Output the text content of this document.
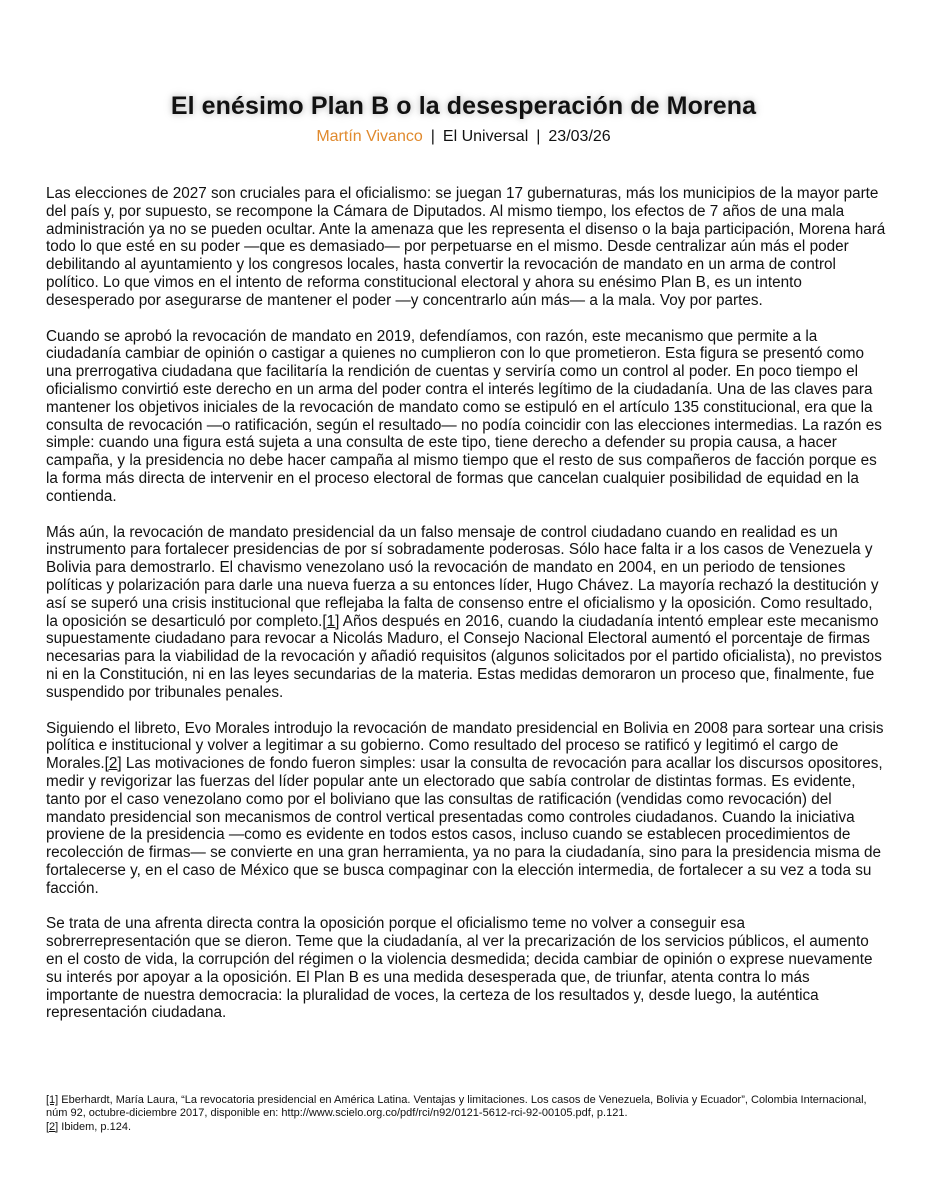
El enésimo Plan B o la desesperación de Morena
Martín Vivanco | El Universal | 23/03/26

Las elecciones de 2027 son cruciales para el oficialismo: se juegan 17 gubernaturas, más los municipios de la mayor parte del país y, por supuesto, se recompone la Cámara de Diputados. Al mismo tiempo, los efectos de 7 años de una mala administración ya no se pueden ocultar. Ante la amenaza que les representa el disenso o la baja participación, Morena hará todo lo que esté en su poder —que es demasiado— por perpetuarse en el mismo. Desde centralizar aún más el poder debilitando al ayuntamiento y los congresos locales, hasta convertir la revocación de mandato en un arma de control político. Lo que vimos en el intento de reforma constitucional electoral y ahora su enésimo Plan B, es un intento desesperado por asegurarse de mantener el poder —y concentrarlo aún más— a la mala. Voy por partes.

Cuando se aprobó la revocación de mandato en 2019, defendíamos, con razón, este mecanismo que permite a la ciudadanía cambiar de opinión o castigar a quienes no cumplieron con lo que prometieron. Esta figura se presentó como una prerrogativa ciudadana que facilitaría la rendición de cuentas y serviría como un control al poder. En poco tiempo el oficialismo convirtió este derecho en un arma del poder contra el interés legítimo de la ciudadanía. Una de las claves para mantener los objetivos iniciales de la revocación de mandato como se estipuló en el artículo 135 constitucional, era que la consulta de revocación —o ratificación, según el resultado— no podía coincidir con las elecciones intermedias. La razón es simple: cuando una figura está sujeta a una consulta de este tipo, tiene derecho a defender su propia causa, a hacer campaña, y la presidencia no debe hacer campaña al mismo tiempo que el resto de sus compañeros de facción porque es la forma más directa de intervenir en el proceso electoral de formas que cancelan cualquier posibilidad de equidad en la contienda.

Más aún, la revocación de mandato presidencial da un falso mensaje de control ciudadano cuando en realidad es un instrumento para fortalecer presidencias de por sí sobradamente poderosas. Sólo hace falta ir a los casos de Venezuela y Bolivia para demostrarlo. El chavismo venezolano usó la revocación de mandato en 2004, en un periodo de tensiones políticas y polarización para darle una nueva fuerza a su entonces líder, Hugo Chávez. La mayoría rechazó la destitución y así se superó una crisis institucional que reflejaba la falta de consenso entre el oficialismo y la oposición. Como resultado, la oposición se desarticuló por completo.[1] Años después en 2016, cuando la ciudadanía intentó emplear este mecanismo supuestamente ciudadano para revocar a Nicolás Maduro, el Consejo Nacional Electoral aumentó el porcentaje de firmas necesarias para la viabilidad de la revocación y añadió requisitos (algunos solicitados por el partido oficialista), no previstos ni en la Constitución, ni en las leyes secundarias de la materia. Estas medidas demoraron un proceso que, finalmente, fue suspendido por tribunales penales.

Siguiendo el libreto, Evo Morales introdujo la revocación de mandato presidencial en Bolivia en 2008 para sortear una crisis política e institucional y volver a legitimar a su gobierno. Como resultado del proceso se ratificó y legitimó el cargo de Morales.[2] Las motivaciones de fondo fueron simples: usar la consulta de revocación para acallar los discursos opositores, medir y revigorizar las fuerzas del líder popular ante un electorado que sabía controlar de distintas formas. Es evidente, tanto por el caso venezolano como por el boliviano que las consultas de ratificación (vendidas como revocación) del mandato presidencial son mecanismos de control vertical presentadas como controles ciudadanos. Cuando la iniciativa proviene de la presidencia —como es evidente en todos estos casos, incluso cuando se establecen procedimientos de recolección de firmas— se convierte en una gran herramienta, ya no para la ciudadanía, sino para la presidencia misma de fortalecerse y, en el caso de México que se busca compaginar con la elección intermedia, de fortalecer a su vez a toda su facción.

Se trata de una afrenta directa contra la oposición porque el oficialismo teme no volver a conseguir esa sobrerrepresentación que se dieron. Teme que la ciudadanía, al ver la precarización de los servicios públicos, el aumento en el costo de vida, la corrupción del régimen o la violencia desmedida; decida cambiar de opinión o exprese nuevamente su interés por apoyar a la oposición. El Plan B es una medida desesperada que, de triunfar, atenta contra lo más importante de nuestra democracia: la pluralidad de voces, la certeza de los resultados y, desde luego, la auténtica representación ciudadana.

[1] Eberhardt, María Laura, “La revocatoria presidencial en América Latina. Ventajas y limitaciones. Los casos de Venezuela, Bolivia y Ecuador”, Colombia Internacional, núm 92, octubre-diciembre 2017, disponible en: http://www.scielo.org.co/pdf/rci/n92/0121-5612-rci-92-00105.pdf, p.121.

[2] Ibidem, p.124.
